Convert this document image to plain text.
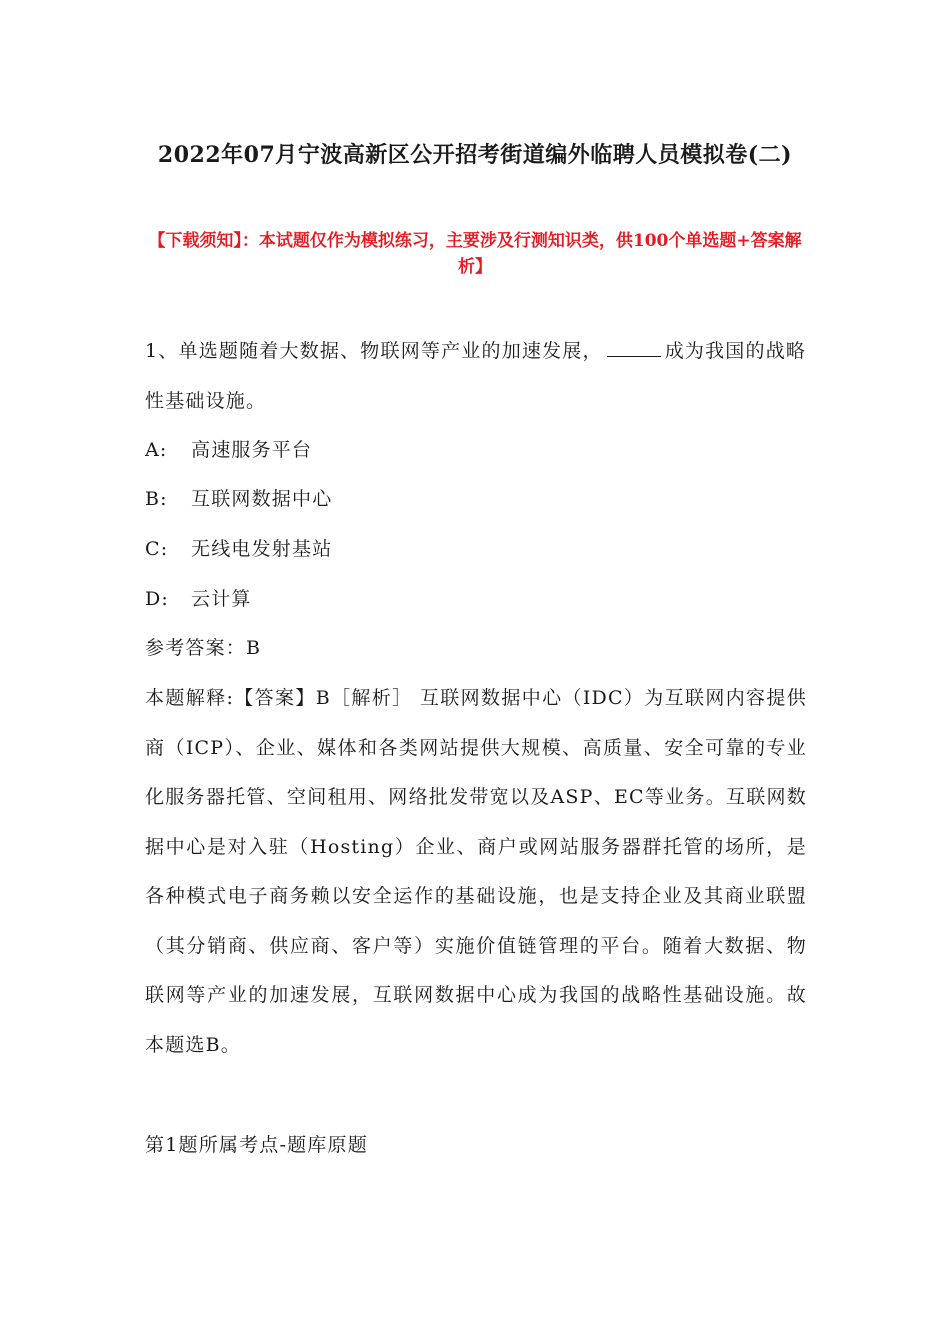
2022年07月宁波高新区公开招考街道编外临聘人员模拟卷(二)
【下载须知】：本试题仅作为模拟练习，主要涉及行测知识类，供100个单选题+答案解析】
1、单选题随着大数据、物联网等产业的加速发展，	成为我国的战略性基础设施。
A: 高速服务平台
B: 互联网数据中心
C: 无线电发射基站
D: 云计算
参考答案：B
本题解释:【答案】B［解析］ 互联网数据中心（IDC）为互联网内容提供商（ICP）、企业、媒体和各类网站提供大规模、高质量、安全可靠的专业化服务器托管、空间租用、网络批发带宽以及ASP、EC等业务。互联网数据中心是对入驻（Hosting）企业、商户或网站服务器群托管的场所，是各种模式电子商务赖以安全运作的基础设施，也是支持企业及其商业联盟（其分销商、供应商、客户等）实施价值链管理的平台。随着大数据、物联网等产业的加速发展，互联网数据中心成为我国的战略性基础设施。故本题选B。
第1题所属考点-题库原题
